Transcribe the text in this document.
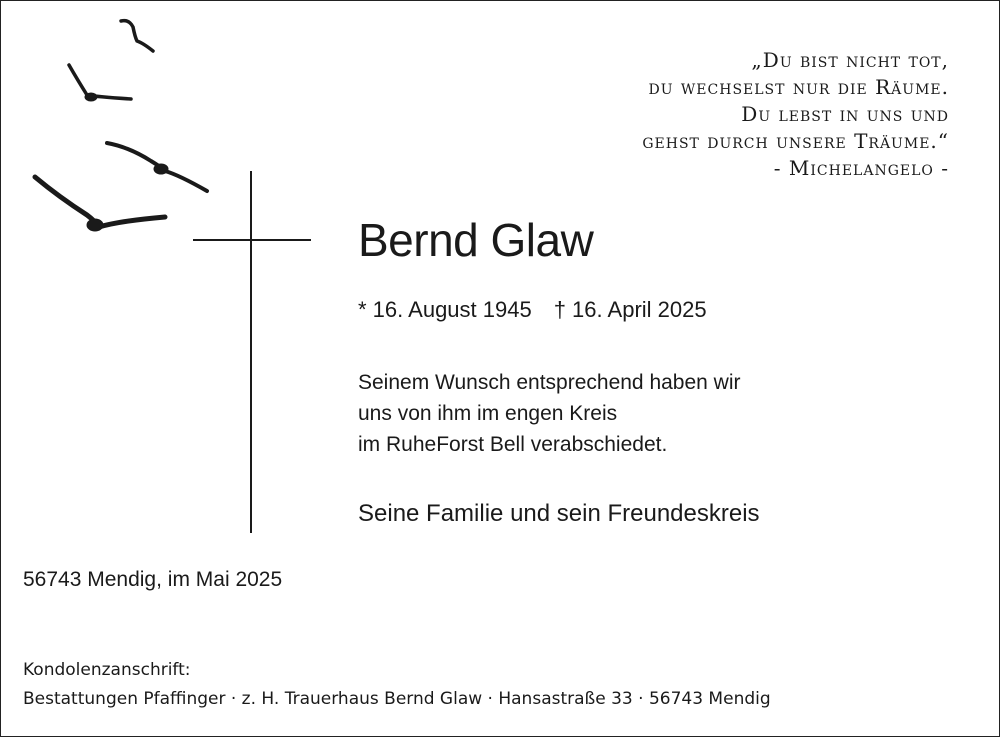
„Du bist nicht tot,
du wechselst nur die Räume.
Du lebst in uns und
gehst durch unsere Träume.“
- Michelangelo -
Bernd Glaw
* 16. August 1945 † 16. April 2025
Seinem Wunsch entsprechend haben wir
uns von ihm im engen Kreis
im RuheForst Bell verabschiedet.
Seine Familie und sein Freundeskreis
56743 Mendig, im Mai 2025
Kondolenzanschrift:
Bestattungen Pfaffinger · z. H. Trauerhaus Bernd Glaw · Hansastraße 33 · 56743 Mendig
